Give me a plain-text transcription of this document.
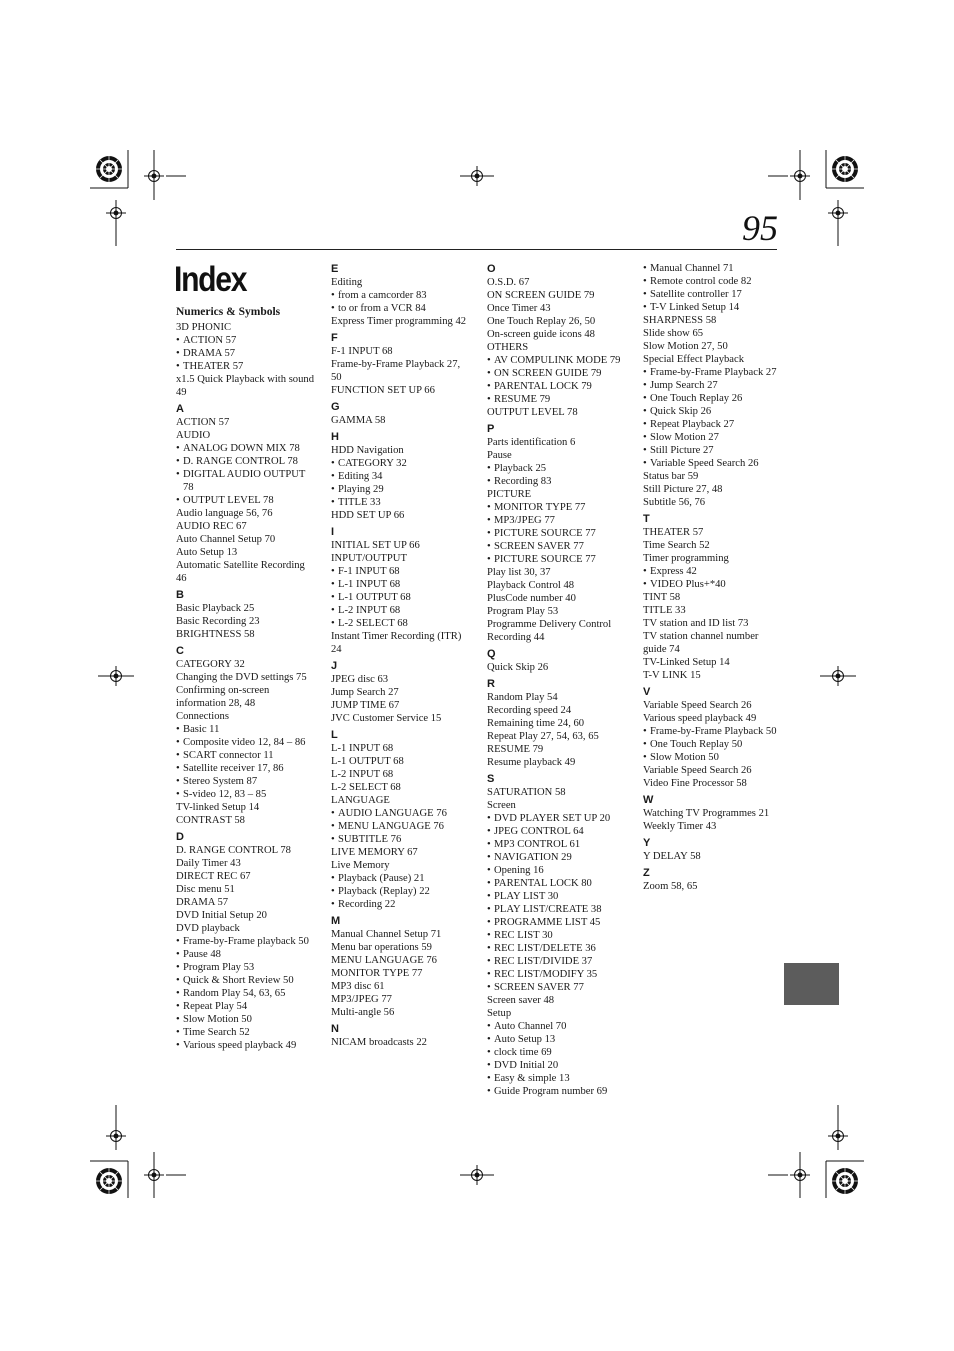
95
Index
Numerics & Symbols
3D PHONIC
• ACTION 57
• DRAMA 57
• THEATER 57
x1.5 Quick Playback with sound 49
A
ACTION 57
AUDIO
• ANALOG DOWN MIX 78
• D. RANGE CONTROL 78
• DIGITAL AUDIO OUTPUT 78
• OUTPUT LEVEL 78
Audio language 56, 76
AUDIO REC 67
Auto Channel Setup 70
Auto Setup 13
Automatic Satellite Recording 46
B
Basic Playback 25
Basic Recording 23
BRIGHTNESS 58
C
CATEGORY 32
Changing the DVD settings 75
Confirming on-screen information 28, 48
Connections
• Basic 11
• Composite video 12, 84 – 86
• SCART connector 11
• Satellite receiver 17, 86
• Stereo System 87
• S-video 12, 83 – 85
TV-linked Setup 14
CONTRAST 58
D
D. RANGE CONTROL 78
Daily Timer 43
DIRECT REC 67
Disc menu 51
DRAMA 57
DVD Initial Setup 20
DVD playback
• Frame-by-Frame playback 50
• Pause 48
• Program Play 53
• Quick & Short Review 50
• Random Play 54, 63, 65
• Repeat Play 54
• Slow Motion 50
• Time Search 52
• Various speed playback 49
E
Editing
• from a camcorder 83
• to or from a VCR 84
Express Timer programming 42
F
F-1 INPUT 68
Frame-by-Frame Playback 27, 50
FUNCTION SET UP 66
G
GAMMA 58
H
HDD Navigation
• CATEGORY 32
• Editing 34
• Playing 29
• TITLE 33
HDD SET UP 66
I
INITIAL SET UP 66
INPUT/OUTPUT
• F-1 INPUT 68
• L-1 INPUT 68
• L-1 OUTPUT 68
• L-2 INPUT 68
• L-2 SELECT 68
Instant Timer Recording (ITR) 24
J
JPEG disc 63
Jump Search 27
JUMP TIME 67
JVC Customer Service 15
L
L-1 INPUT 68
L-1 OUTPUT 68
L-2 INPUT 68
L-2 SELECT 68
LANGUAGE
• AUDIO LANGUAGE 76
• MENU LANGUAGE 76
• SUBTITLE 76
LIVE MEMORY 67
Live Memory
• Playback (Pause) 21
• Playback (Replay) 22
• Recording 22
M
Manual Channel Setup 71
Menu bar operations 59
MENU LANGUAGE 76
MONITOR TYPE 77
MP3 disc 61
MP3/JPEG 77
Multi-angle 56
N
NICAM broadcasts 22
O
O.S.D. 67
ON SCREEN GUIDE 79
Once Timer 43
One Touch Replay 26, 50
On-screen guide icons 48
OTHERS
• AV COMPULINK MODE 79
• ON SCREEN GUIDE 79
• PARENTAL LOCK 79
• RESUME 79
OUTPUT LEVEL 78
P
Parts identification 6
Pause
• Playback 25
• Recording 83
PICTURE
• MONITOR TYPE 77
• MP3/JPEG 77
• PICTURE SOURCE 77
• SCREEN SAVER 77
• PICTURE SOURCE 77
Play list 30, 37
Playback Control 48
PlusCode number 40
Program Play 53
Programme Delivery Control Recording 44
Q
Quick Skip 26
R
Random Play 54
Recording speed 24
Remaining time 24, 60
Repeat Play 27, 54, 63, 65
RESUME 79
Resume playback 49
S
SATURATION 58
Screen
• DVD PLAYER SET UP 20
• JPEG CONTROL 64
• MP3 CONTROL 61
• NAVIGATION 29
• Opening 16
• PARENTAL LOCK 80
• PLAY LIST 30
• PLAY LIST/CREATE 38
• PROGRAMME LIST 45
• REC LIST 30
• REC LIST/DELETE 36
• REC LIST/DIVIDE 37
• REC LIST/MODIFY 35
• SCREEN SAVER 77
Screen saver 48
Setup
• Auto Channel 70
• Auto Setup 13
• clock time 69
• DVD Initial 20
• Easy & simple 13
• Guide Program number 69
• Manual Channel 71
• Remote control code 82
• Satellite controller 17
• T-V Linked Setup 14
SHARPNESS 58
Slide show 65
Slow Motion 27, 50
Special Effect Playback
• Frame-by-Frame Playback 27
• Jump Search 27
• One Touch Replay 26
• Quick Skip 26
• Repeat Playback 27
• Slow Motion 27
• Still Picture 27
• Variable Speed Search 26
Status bar 59
Still Picture 27, 48
Subtitle 56, 76
T
THEATER 57
Time Search 52
Timer programming
• Express 42
• VIDEO Plus+*40
TINT 58
TITLE 33
TV station and ID list 73
TV station channel number guide 74
TV-Linked Setup 14
T-V LINK 15
V
Variable Speed Search 26
Various speed playback 49
• Frame-by-Frame Playback 50
• One Touch Replay 50
• Slow Motion 50
Variable Speed Search 26
Video Fine Processor 58
W
Watching TV Programmes 21
Weekly Timer 43
Y
Y DELAY 58
Z
Zoom 58, 65
